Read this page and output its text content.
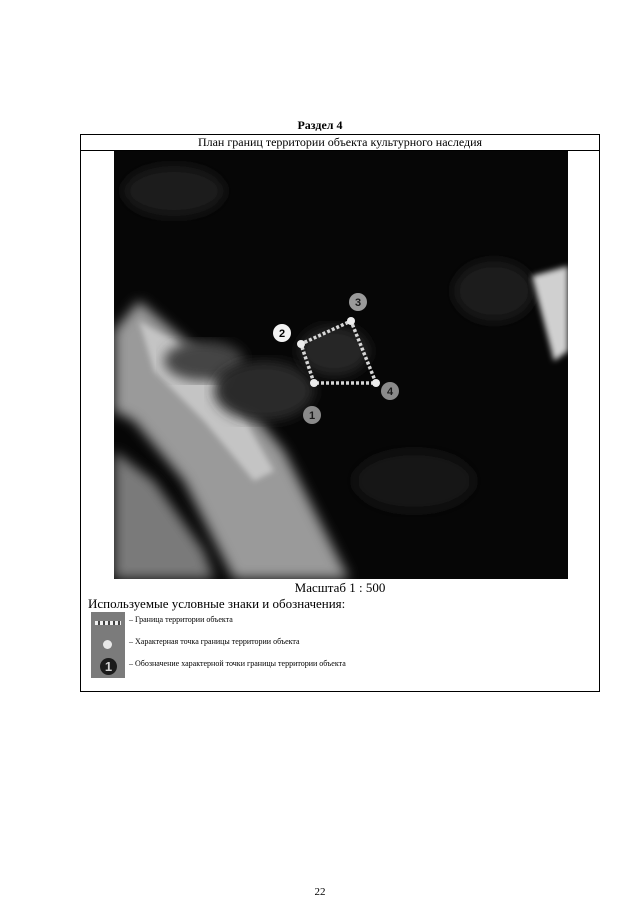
Раздел 4
План границ территории объекта культурного наследия
1
2
3
4
Масштаб 1 : 500
Используемые условные знаки и обозначения:
– Граница территории объекта
– Характерная точка границы территории объекта
1	– Обозначение характерной точки границы территории объекта
22
